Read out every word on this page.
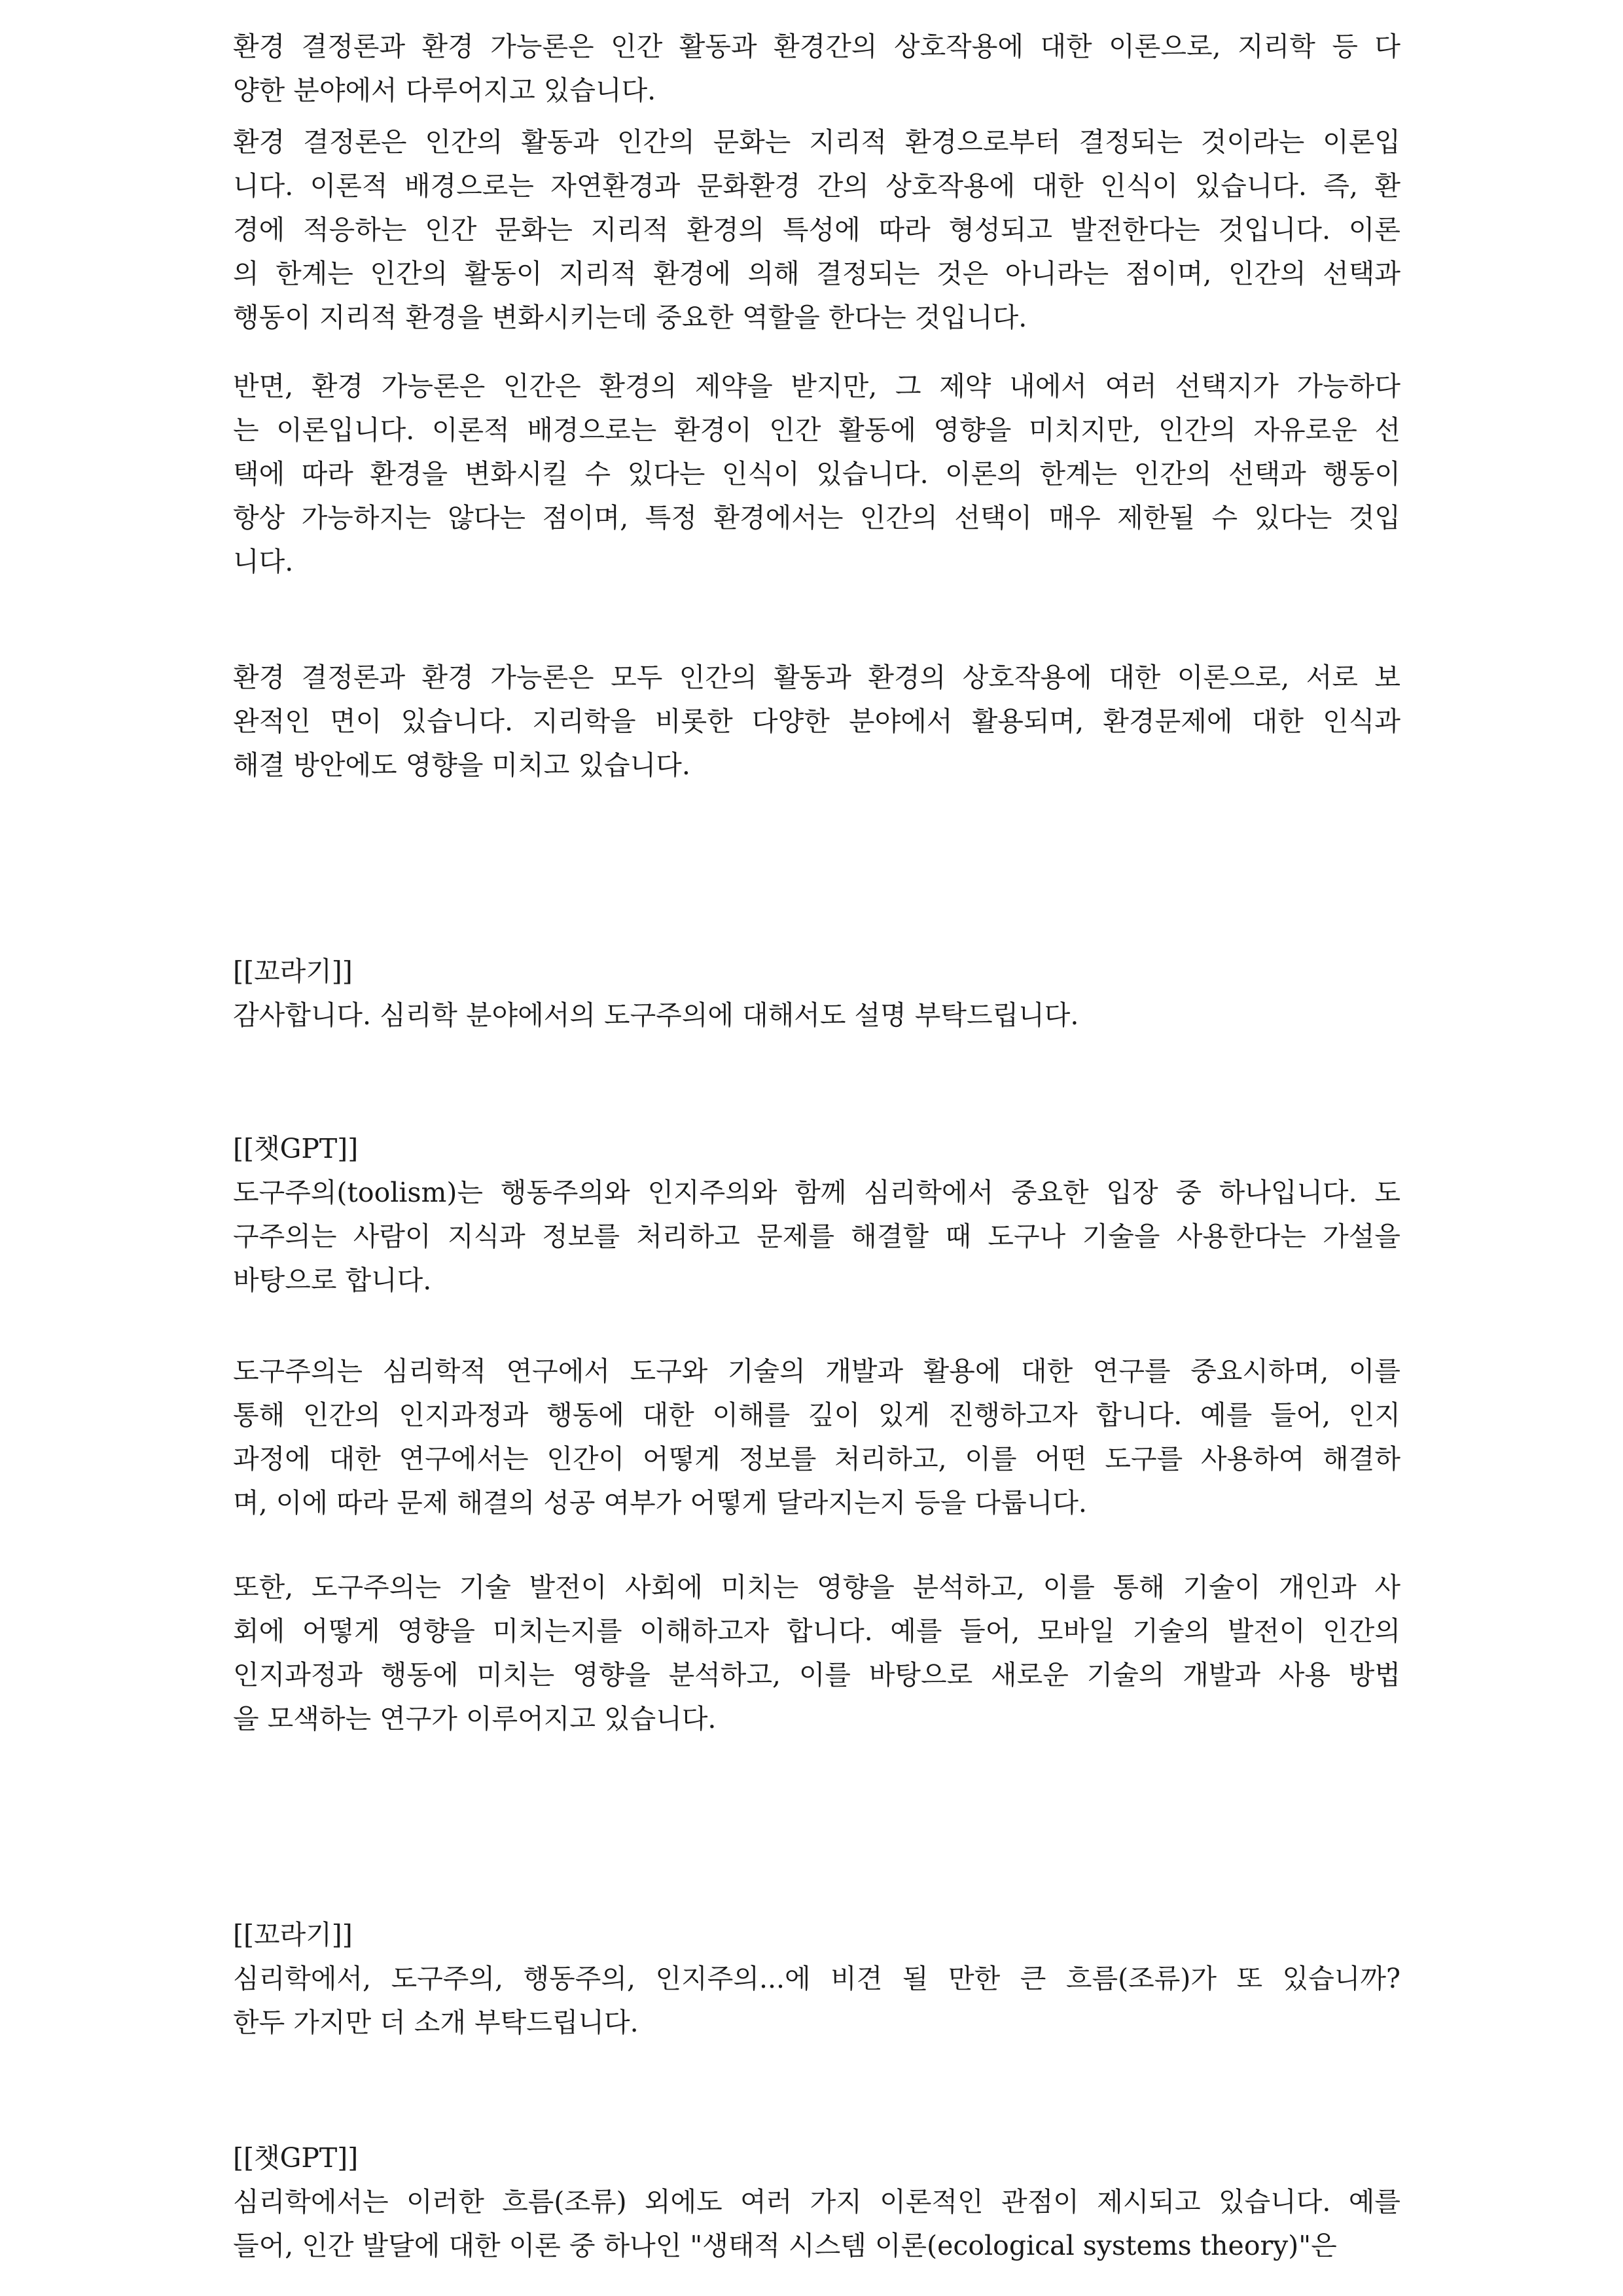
환경 결정론과 환경 가능론은 인간 활동과 환경간의 상호작용에 대한 이론으로, 지리학 등 다
양한 분야에서 다루어지고 있습니다.
환경 결정론은 인간의 활동과 인간의 문화는 지리적 환경으로부터 결정되는 것이라는 이론입
니다. 이론적 배경으로는 자연환경과 문화환경 간의 상호작용에 대한 인식이 있습니다. 즉, 환
경에 적응하는 인간 문화는 지리적 환경의 특성에 따라 형성되고 발전한다는 것입니다. 이론
의 한계는 인간의 활동이 지리적 환경에 의해 결정되는 것은 아니라는 점이며, 인간의 선택과
행동이 지리적 환경을 변화시키는데 중요한 역할을 한다는 것입니다.
반면, 환경 가능론은 인간은 환경의 제약을 받지만, 그 제약 내에서 여러 선택지가 가능하다
는 이론입니다. 이론적 배경으로는 환경이 인간 활동에 영향을 미치지만, 인간의 자유로운 선
택에 따라 환경을 변화시킬 수 있다는 인식이 있습니다. 이론의 한계는 인간의 선택과 행동이
항상 가능하지는 않다는 점이며, 특정 환경에서는 인간의 선택이 매우 제한될 수 있다는 것입
니다.
환경 결정론과 환경 가능론은 모두 인간의 활동과 환경의 상호작용에 대한 이론으로, 서로 보
완적인 면이 있습니다. 지리학을 비롯한 다양한 분야에서 활용되며, 환경문제에 대한 인식과
해결 방안에도 영향을 미치고 있습니다.
[[꼬라기]]
감사합니다. 심리학 분야에서의 도구주의에 대해서도 설명 부탁드립니다.
[[챗GPT]]
도구주의(toolism)는 행동주의와 인지주의와 함께 심리학에서 중요한 입장 중 하나입니다. 도
구주의는 사람이 지식과 정보를 처리하고 문제를 해결할 때 도구나 기술을 사용한다는 가설을
바탕으로 합니다.
도구주의는 심리학적 연구에서 도구와 기술의 개발과 활용에 대한 연구를 중요시하며, 이를
통해 인간의 인지과정과 행동에 대한 이해를 깊이 있게 진행하고자 합니다. 예를 들어, 인지
과정에 대한 연구에서는 인간이 어떻게 정보를 처리하고, 이를 어떤 도구를 사용하여 해결하
며, 이에 따라 문제 해결의 성공 여부가 어떻게 달라지는지 등을 다룹니다.
또한, 도구주의는 기술 발전이 사회에 미치는 영향을 분석하고, 이를 통해 기술이 개인과 사
회에 어떻게 영향을 미치는지를 이해하고자 합니다. 예를 들어, 모바일 기술의 발전이 인간의
인지과정과 행동에 미치는 영향을 분석하고, 이를 바탕으로 새로운 기술의 개발과 사용 방법
을 모색하는 연구가 이루어지고 있습니다.
[[꼬라기]]
심리학에서, 도구주의, 행동주의, 인지주의...에 비견 될 만한 큰 흐름(조류)가 또 있습니까?
한두 가지만 더 소개 부탁드립니다.
[[챗GPT]]
심리학에서는 이러한 흐름(조류) 외에도 여러 가지 이론적인 관점이 제시되고 있습니다. 예를
들어, 인간 발달에 대한 이론 중 하나인 "생태적 시스템 이론(ecological systems theory)"은
